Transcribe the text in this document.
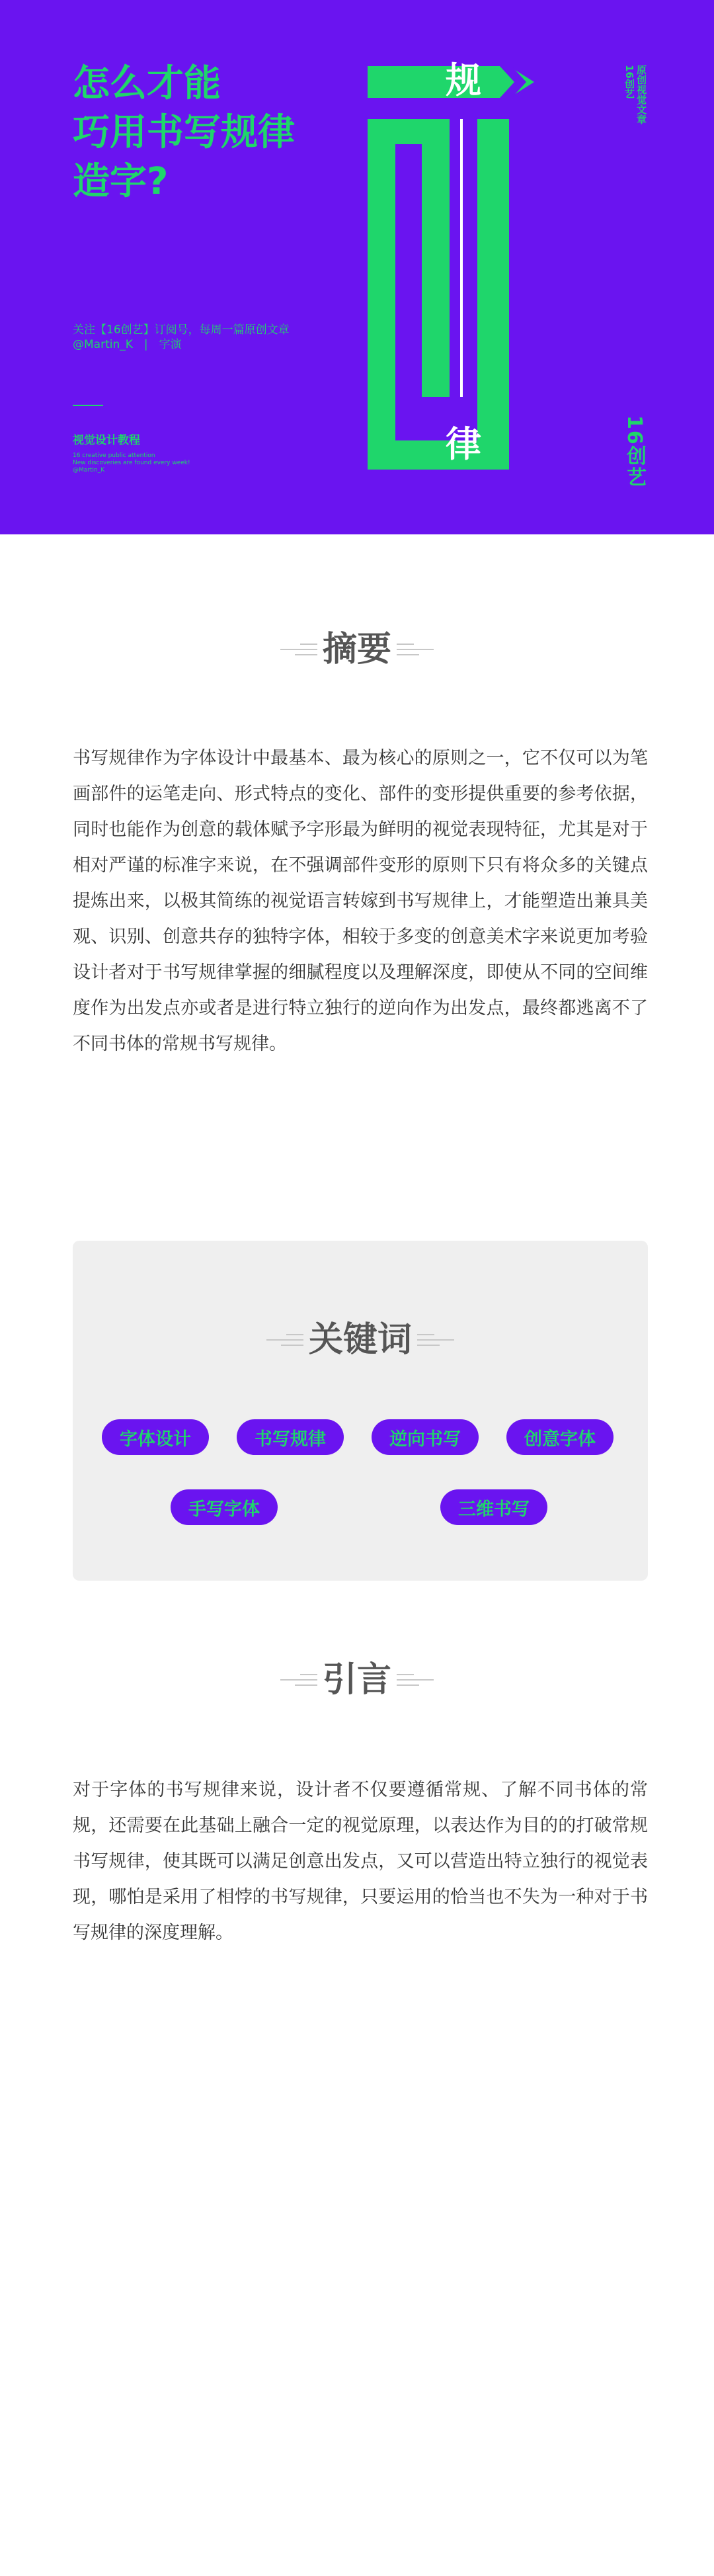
怎么才能
巧用书写规律
造字?
关注【16创艺】订阅号，每周一篇原创文章
@Martin_K　|　字演
视觉设计教程
16 creative public attention
New discoveries are found every week!
@Martin_K
16创艺 原创视觉文章
16创艺
规
律
摘要

书写规律作为字体设计中最基本、最为核心的原则之一，它不仅可以为笔画部件的运笔走向、形式特点的变化、部件的变形提供重要的参考依据，同时也能作为创意的载体赋予字形最为鲜明的视觉表现特征，尤其是对于相对严谨的标准字来说，在不强调部件变形的原则下只有将众多的关键点提炼出来，以极其简练的视觉语言转嫁到书写规律上，才能塑造出兼具美观、识别、创意共存的独特字体，相较于多变的创意美术字来说更加考验设计者对于书写规律掌握的细腻程度以及理解深度，即使从不同的空间维度作为出发点亦或者是进行特立独行的逆向作为出发点，最终都逃离不了不同书体的常规书写规律。

关键词
字体设计	书写规律	逆向书写	创意字体
手写字体	三维书写
引言

对于字体的书写规律来说，设计者不仅要遵循常规、了解不同书体的常规，还需要在此基础上融合一定的视觉原理，以表达作为目的的打破常规书写规律，使其既可以满足创意出发点，又可以营造出特立独行的视觉表现，哪怕是采用了相悖的书写规律，只要运用的恰当也不失为一种对于书写规律的深度理解。
